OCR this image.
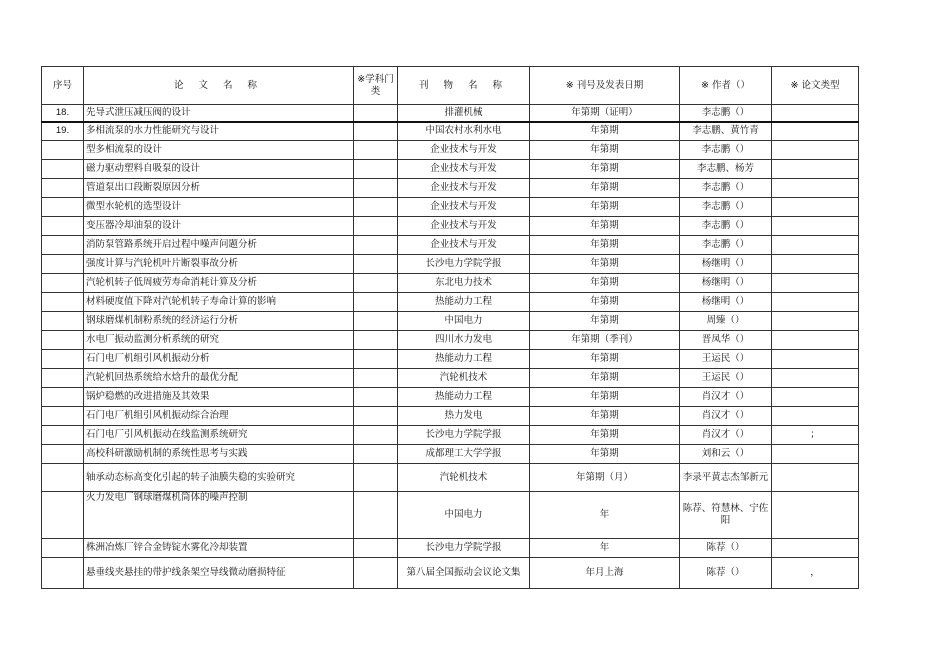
序号	论 文 名 称	※学科门类	刊 物 名 称	※ 刊号及发表日期	※ 作者（）	※ 论文类型
18.	先导式泄压减压阀的设计		排灌机械	年第期（证明）	李志鹏（）	
19.	多相流泵的水力性能研究与设计		中国农村水利水电	年第期	李志鹏、黄竹青	
	型多相流泵的设计		企业技术与开发	年第期	李志鹏（）	
	磁力驱动塑料自吸泵的设计		企业技术与开发	年第期	李志鹏、杨芳	
	管道泵出口段断裂原因分析		企业技术与开发	年第期	李志鹏（）	
	微型水轮机的选型设计		企业技术与开发	年第期	李志鹏（）	
	变压器冷却油泵的设计		企业技术与开发	年第期	李志鹏（）	
	消防泵管路系统开启过程中噪声问题分析		企业技术与开发	年第期	李志鹏（）	
	强度计算与汽轮机叶片断裂事故分析		长沙电力学院学报	年第期	杨继明（）	
	汽轮机转子低周疲劳寿命消耗计算及分析		东北电力技术	年第期	杨继明（）	
	材料硬度值下降对汽轮机转子寿命计算的影响		热能动力工程	年第期	杨继明（）	
	钢球磨煤机制粉系统的经济运行分析		中国电力	年第期	周臻（）	
	水电厂振动监测分析系统的研究		四川水力发电	年第期（季刊）	晋凤华（）	
	石门电厂机组引风机振动分析		热能动力工程	年第期	王运民（）	
	汽轮机回热系统给水焓升的最优分配		汽轮机技术	年第期	王运民（）	
	锅炉稳燃的改进措施及其效果		热能动力工程	年第期	肖汉才（）	
	石门电厂机组引风机振动综合治理		热力发电	年第期	肖汉才（）	
	石门电厂引风机振动在线监测系统研究		长沙电力学院学报	年第期	肖汉才（）	；
	高校科研激励机制的系统性思考与实践		成都理工大学学报	年第期	刘和云（）	
	轴承动态标高变化引起的转子油膜失稳的实验研究		汽轮机技术	年第期（月）	李录平黄志杰邹新元	
	火力发电厂钢球磨煤机筒体的噪声控制		中国电力	年	陈荐、符慧林、宁佐阳	
	株洲冶炼厂锌合金铸锭水雾化冷却装置		长沙电力学院学报	年	陈荐（）	
	悬垂线夹悬挂的带护线条架空导线微动磨损特征		第八届全国振动会议论文集	年月上海	陈荐（）	，
